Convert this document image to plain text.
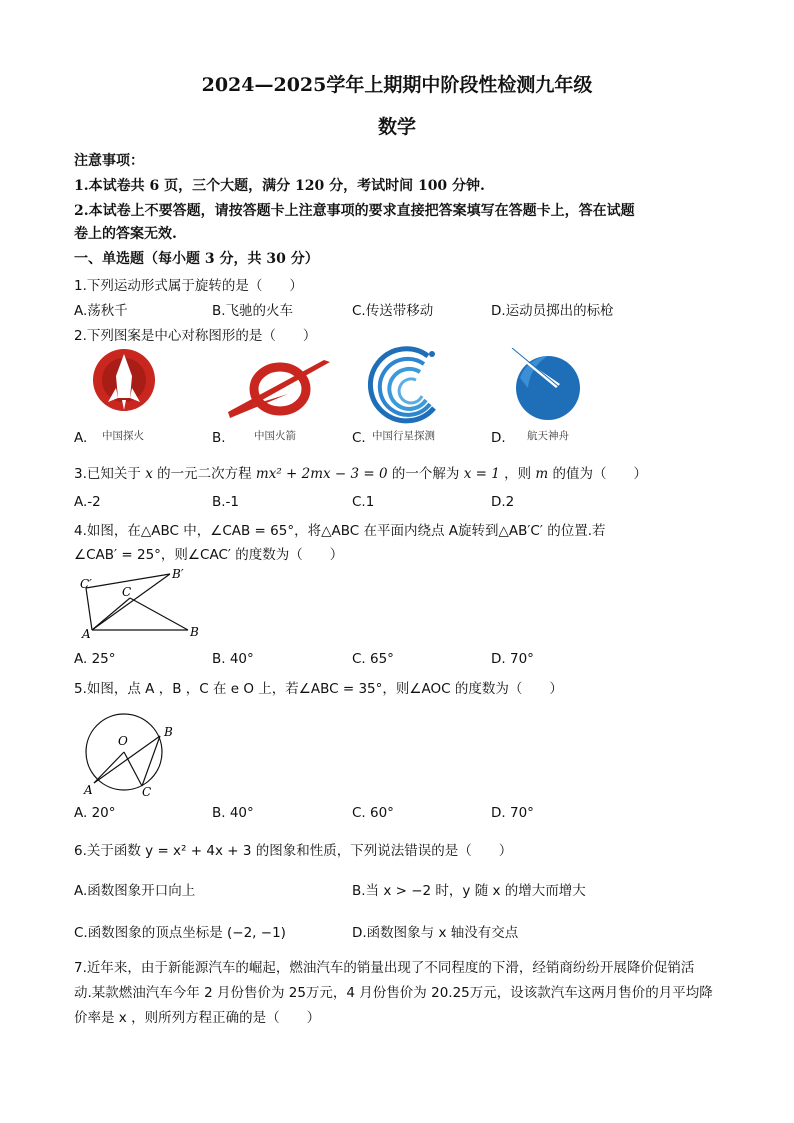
2024—2025学年上期期中阶段性检测九年级
数学
注意事项：
1.本试卷共 6 页，三个大题，满分 120 分，考试时间 100 分钟.
2.本试卷上不要答题，请按答题卡上注意事项的要求直接把答案填写在答题卡上，答在试题
卷上的答案无效.
一、单选题（每小题 3 分，共 30 分）
1.下列运动形式属于旋转的是（　　）
A.荡秋千	B.飞驰的火车	C.传送带移动	D.运动员掷出的标枪
2.下列图案是中心对称图形的是（　　）
A. 中国探火	B.	中国火箭	C. 中国行星探测	D. 航天神舟
3.已知关于 x 的一元二次方程 mx² + 2mx − 3 = 0 的一个解为 x = 1 ，则 m 的值为（　　）
A.-2	B.-1	C.1	D.2
4.如图，在△ABC 中，∠CAB = 65°，将△ABC 在平面内绕点 A旋转到△AB′C′ 的位置.若
∠CAB′ = 25°，则∠CAC′ 的度数为（　　）
C′
B′
C
A	B
A. 25°	B. 40°	C. 65°	D. 70°
5.如图，点 A ，B ，C 在 e O 上，若∠ABC = 35°，则∠AOC 的度数为（　　）
O
B
A	C
A. 20°	B. 40°	C. 60°	D. 70°
6.关于函数 y = x² + 4x + 3 的图象和性质，下列说法错误的是（　　）
A.函数图象开口向上	B.当 x > −2 时，y 随 x 的增大而增大
C.函数图象的顶点坐标是 (−2, −1)	D.函数图象与 x 轴没有交点
7.近年来，由于新能源汽车的崛起，燃油汽车的销量出现了不同程度的下滑，经销商纷纷开展降价促销活
动.某款燃油汽车今年 2 月份售价为 25万元，4 月份售价为 20.25万元，设该款汽车这两月售价的月平均降
价率是 x ，则所列方程正确的是（　　）
